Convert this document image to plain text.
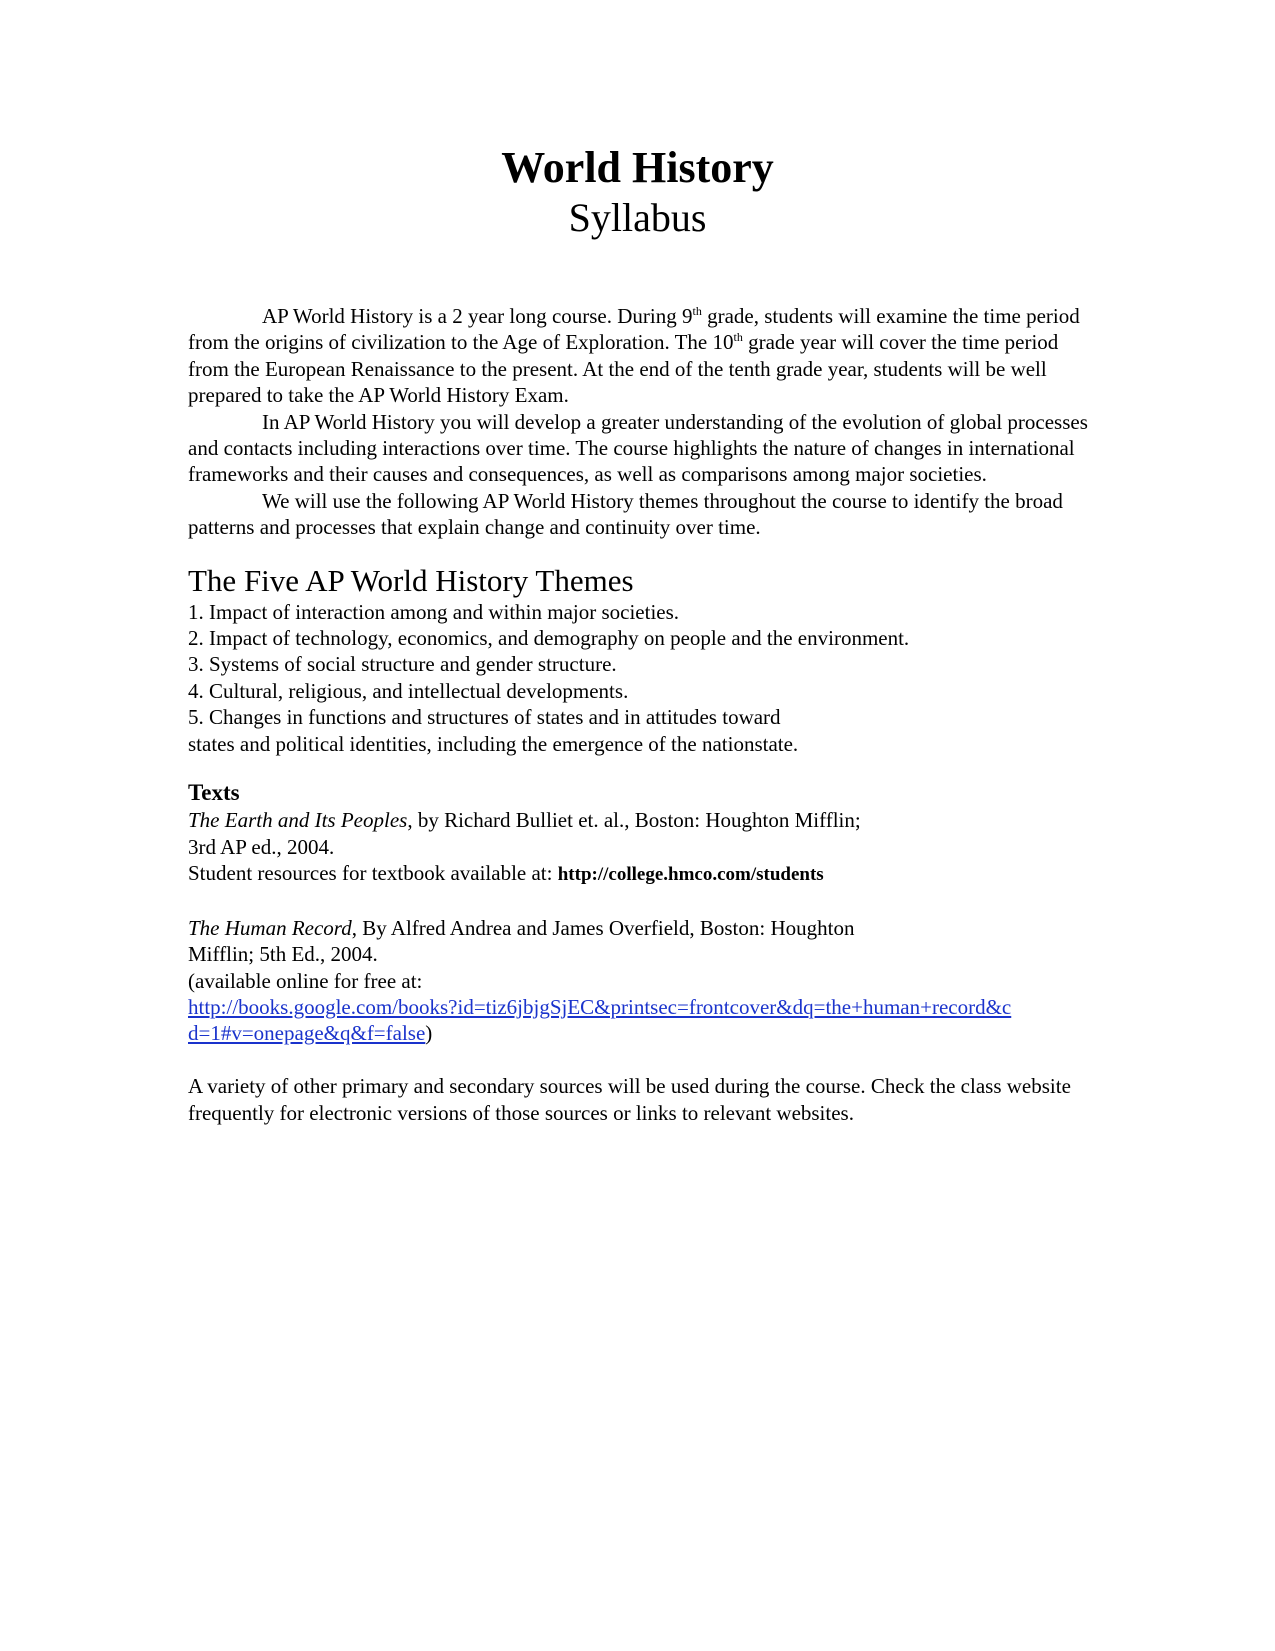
World History
Syllabus

AP World History is a 2 year long course. During 9th grade, students will examine the time period from the origins of civilization to the Age of Exploration. The 10th grade year will cover the time period from the European Renaissance to the present. At the end of the tenth grade year, students will be well prepared to take the AP World History Exam.

In AP World History you will develop a greater understanding of the evolution of global processes and contacts including interactions over time. The course highlights the nature of changes in international frameworks and their causes and consequences, as well as comparisons among major societies.

We will use the following AP World History themes throughout the course to identify the broad patterns and processes that explain change and continuity over time.

The Five AP World History Themes
1. Impact of interaction among and within major societies.
2. Impact of technology, economics, and demography on people and the environment.
3. Systems of social structure and gender structure.
4. Cultural, religious, and intellectual developments.
5. Changes in functions and structures of states and in attitudes toward
states and political identities, including the emergence of the nationstate.
Texts

The Earth and Its Peoples, by Richard Bulliet et. al., Boston: Houghton Mifflin;

3rd AP ed., 2004.

Student resources for textbook available at: http://college.hmco.com/students

The Human Record, By Alfred Andrea and James Overfield, Boston: Houghton

Mifflin; 5th Ed., 2004.

(available online for free at:

http://books.google.com/books?id=tiz6jbjgSjEC&printsec=frontcover&dq=the+human+record&c

d=1#v=onepage&q&f=false)

A variety of other primary and secondary sources will be used during the course. Check the class website frequently for electronic versions of those sources or links to relevant websites.
